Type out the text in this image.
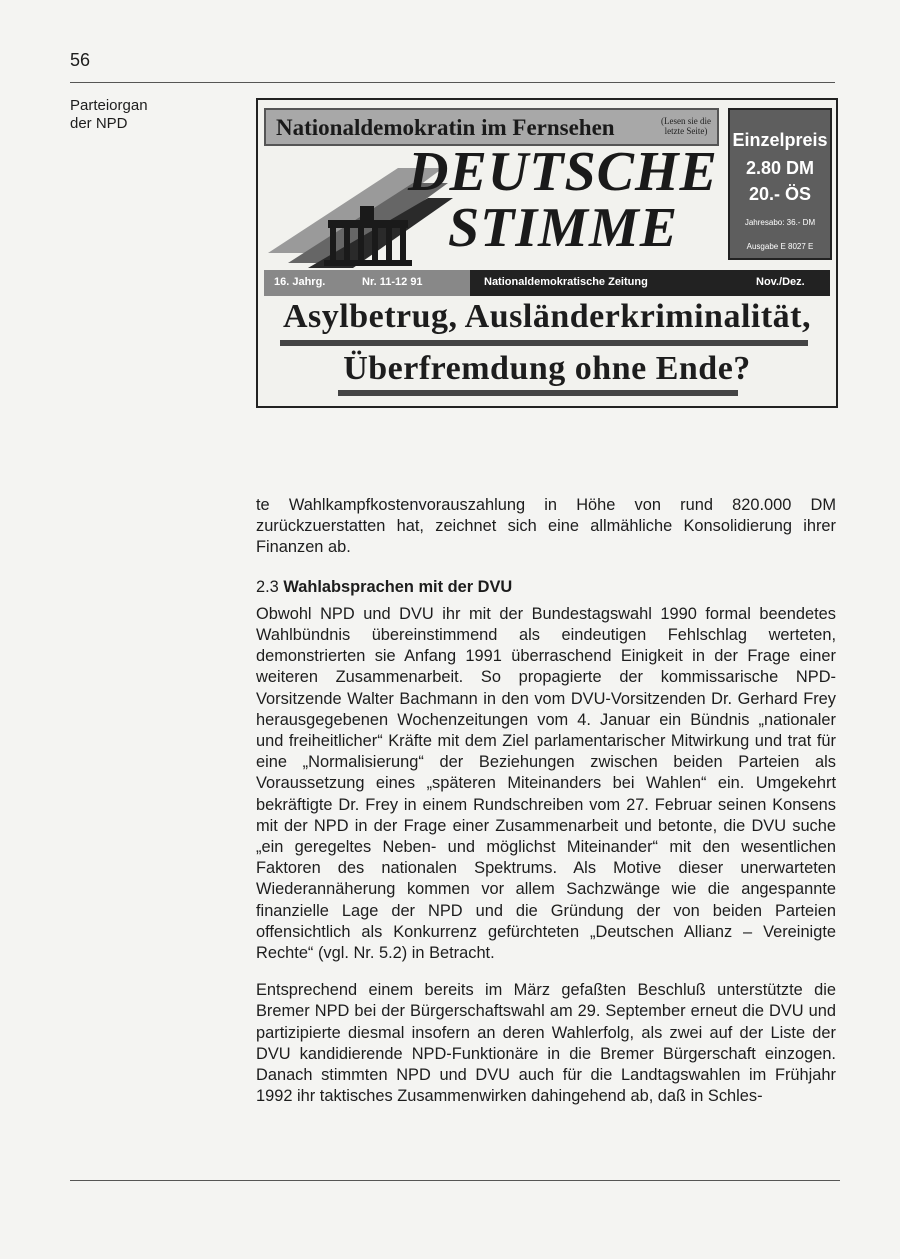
56
Parteiorgan
der NPD	Nationaldemokratin im Fernsehen	(Lesen sie die letzte Seite)	Einzelpreis
2.80 DM
20.- ÖS
Jahresabo: 36.- DM
Ausgabe E 8027 E
DEUTSCHE
STIMME
16. Jahrg.	Nr. 11-12 91	Nationaldemokratische Zeitung	Nov./Dez.
Asylbetrug, Ausländerkriminalität,
Überfremdung ohne Ende?

te Wahlkampfkostenvorauszahlung in Höhe von rund 820.000 DM zurückzuerstatten hat, zeichnet sich eine allmähliche Konsolidierung ihrer Finanzen ab.

2.3 Wahlabsprachen mit der DVU

Obwohl NPD und DVU ihr mit der Bundestagswahl 1990 formal beendetes Wahlbündnis übereinstimmend als eindeutigen Fehlschlag werteten, demonstrierten sie Anfang 1991 überraschend Einigkeit in der Frage einer weiteren Zusammenarbeit. So propagierte der kommissarische NPD-Vorsitzende Walter Bachmann in den vom DVU-Vorsitzenden Dr. Gerhard Frey herausgegebenen Wochenzeitungen vom 4. Januar ein Bündnis „nationaler und freiheitlicher“ Kräfte mit dem Ziel parlamentarischer Mitwirkung und trat für eine „Normalisierung“ der Beziehungen zwischen beiden Parteien als Voraussetzung eines „späteren Miteinanders bei Wahlen“ ein. Umgekehrt bekräftigte Dr. Frey in einem Rundschreiben vom 27. Februar seinen Konsens mit der NPD in der Frage einer Zusammenarbeit und betonte, die DVU suche „ein geregeltes Neben- und möglichst Miteinander“ mit den wesentlichen Faktoren des nationalen Spektrums. Als Motive dieser unerwarteten Wiederannäherung kommen vor allem Sachzwänge wie die angespannte finanzielle Lage der NPD und die Gründung der von beiden Parteien offensichtlich als Konkurrenz gefürchteten „Deutschen Allianz – Vereinigte Rechte“ (vgl. Nr. 5.2) in Betracht.

Entsprechend einem bereits im März gefaßten Beschluß unterstützte die Bremer NPD bei der Bürgerschaftswahl am 29. September erneut die DVU und partizipierte diesmal insofern an deren Wahlerfolg, als zwei auf der Liste der DVU kandidierende NPD-Funktionäre in die Bremer Bürgerschaft einzogen. Danach stimmten NPD und DVU auch für die Landtagswahlen im Frühjahr 1992 ihr taktisches Zusammenwirken dahingehend ab, daß in Schles-
